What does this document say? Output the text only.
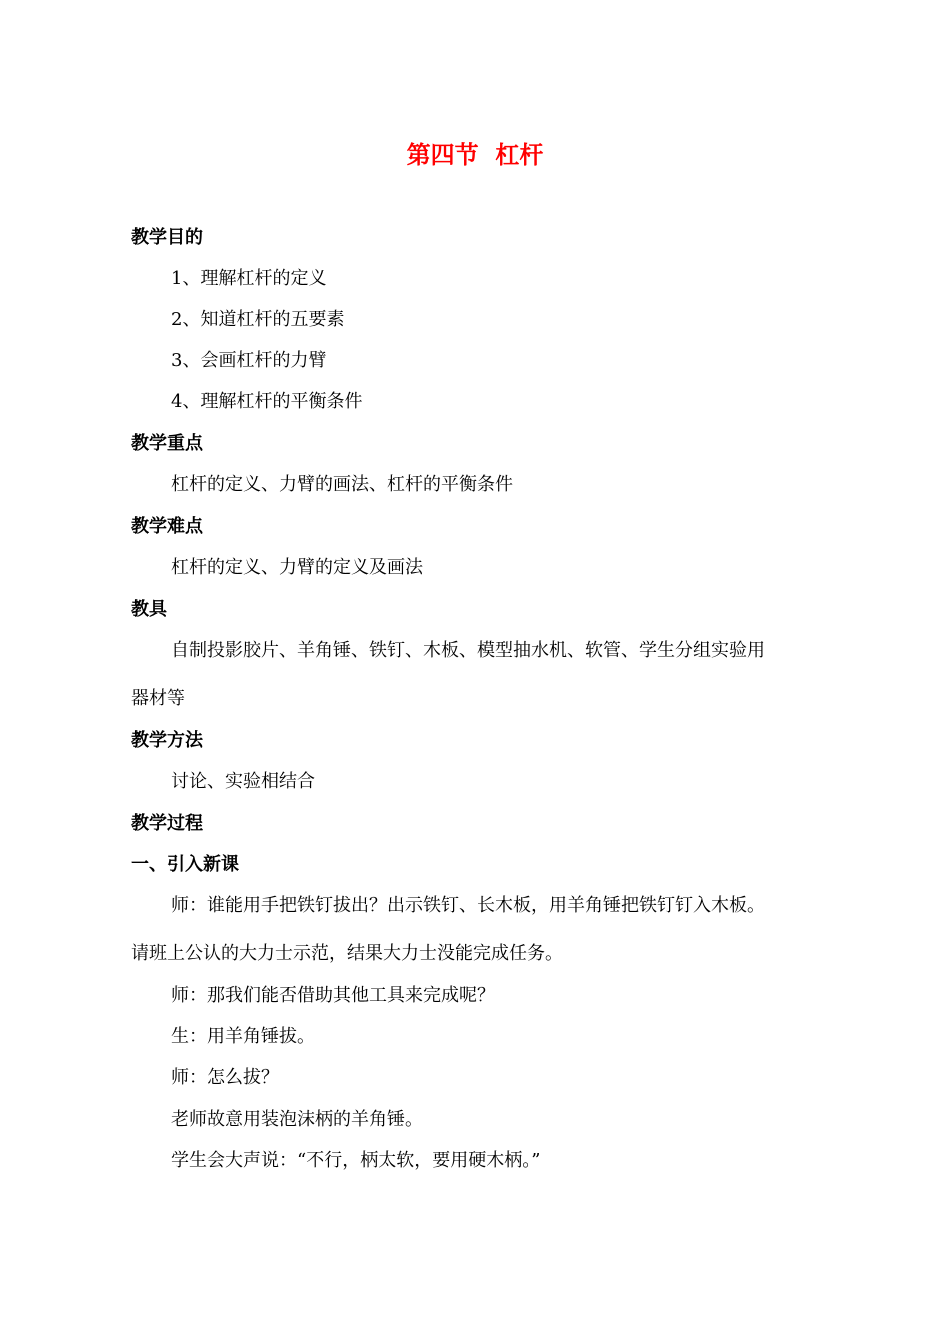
第四节  杠杆
教学目的
1、理解杠杆的定义
2、知道杠杆的五要素
3、会画杠杆的力臂
4、理解杠杆的平衡条件
教学重点
杠杆的定义、力臂的画法、杠杆的平衡条件
教学难点
杠杆的定义、力臂的定义及画法
教具
自制投影胶片、羊角锤、铁钉、木板、模型抽水机、软管、学生分组实验用
器材等
教学方法
讨论、实验相结合
教学过程
一、引入新课
师：谁能用手把铁钉拔出？出示铁钉、长木板，用羊角锤把铁钉钉入木板。
请班上公认的大力士示范，结果大力士没能完成任务。
师：那我们能否借助其他工具来完成呢？
生：用羊角锤拔。
师：怎么拔？
老师故意用装泡沫柄的羊角锤。
学生会大声说：“不行，柄太软，要用硬木柄。”
